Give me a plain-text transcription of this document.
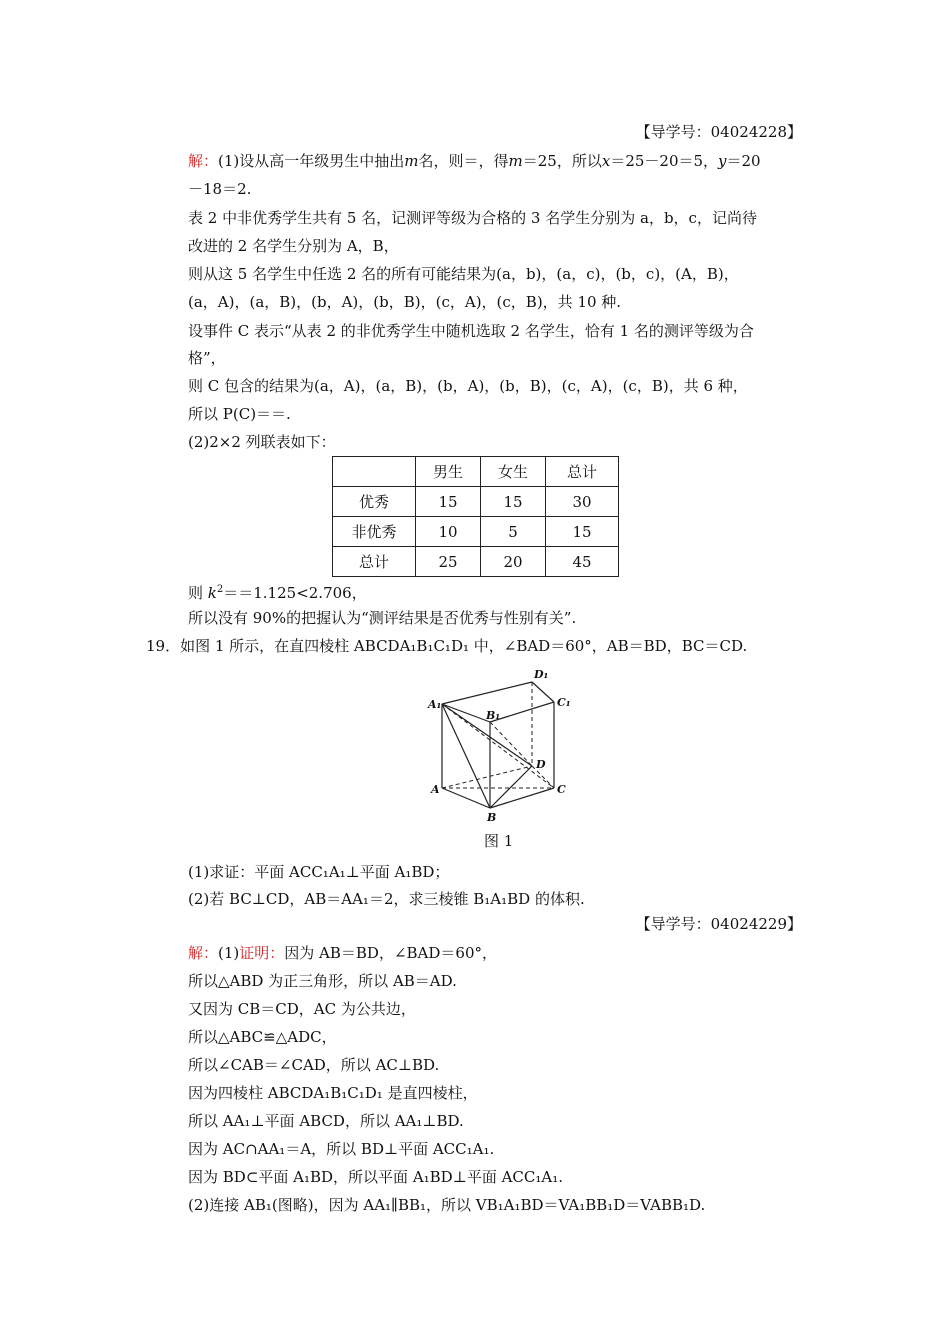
【导学号：04024228】
解：(1)设从高一年级男生中抽出m名，则＝，得m＝25，所以x＝25－20＝5，y＝20
－18＝2.
表 2 中非优秀学生共有 5 名，记测评等级为合格的 3 名学生分别为 a，b，c，记尚待
改进的 2 名学生分别为 A，B，
则从这 5 名学生中任选 2 名的所有可能结果为(a，b)，(a，c)，(b，c)，(A，B)，
(a，A)，(a，B)，(b，A)，(b，B)，(c，A)，(c，B)，共 10 种.
设事件 C 表示“从表 2 的非优秀学生中随机选取 2 名学生，恰有 1 名的测评等级为合
格”，
则 C 包含的结果为(a，A)，(a，B)，(b，A)，(b，B)，(c，A)，(c，B)，共 6 种，
所以 P(C)＝＝.
(2)2×2 列联表如下：
	男生	女生	总计
优秀	15	15	30
非优秀	10	5	15
总计	25	20	45
则 $k^2==1.125<2.706$，
所以没有 90%的把握认为“测评结果是否优秀与性别有关”.
19．如图 1 所示，在直四棱柱 ABCDA₁B₁C₁D₁ 中，∠BAD＝60°，AB＝BD，BC＝CD.
A₁
B₁
C₁
D₁
A
B
C
D
图 1
(1)求证：平面 ACC₁A₁⊥平面 A₁BD；
(2)若 BC⊥CD，AB＝AA₁＝2，求三棱锥 B₁A₁BD 的体积.
【导学号：04024229】
解：(1)证明：因为 AB＝BD，∠BAD＝60°，
所以△ABD 为正三角形，所以 AB＝AD.
又因为 CB＝CD，AC 为公共边，
所以△ABC≌△ADC，
所以∠CAB＝∠CAD，所以 AC⊥BD.
因为四棱柱 ABCDA₁B₁C₁D₁ 是直四棱柱，
所以 AA₁⊥平面 ABCD，所以 AA₁⊥BD.
因为 AC∩AA₁＝A，所以 BD⊥平面 ACC₁A₁.
因为 BD⊂平面 A₁BD，所以平面 A₁BD⊥平面 ACC₁A₁.
(2)连接 AB₁(图略)，因为 AA₁∥BB₁，所以 VB₁A₁BD＝VA₁BB₁D＝VABB₁D.
